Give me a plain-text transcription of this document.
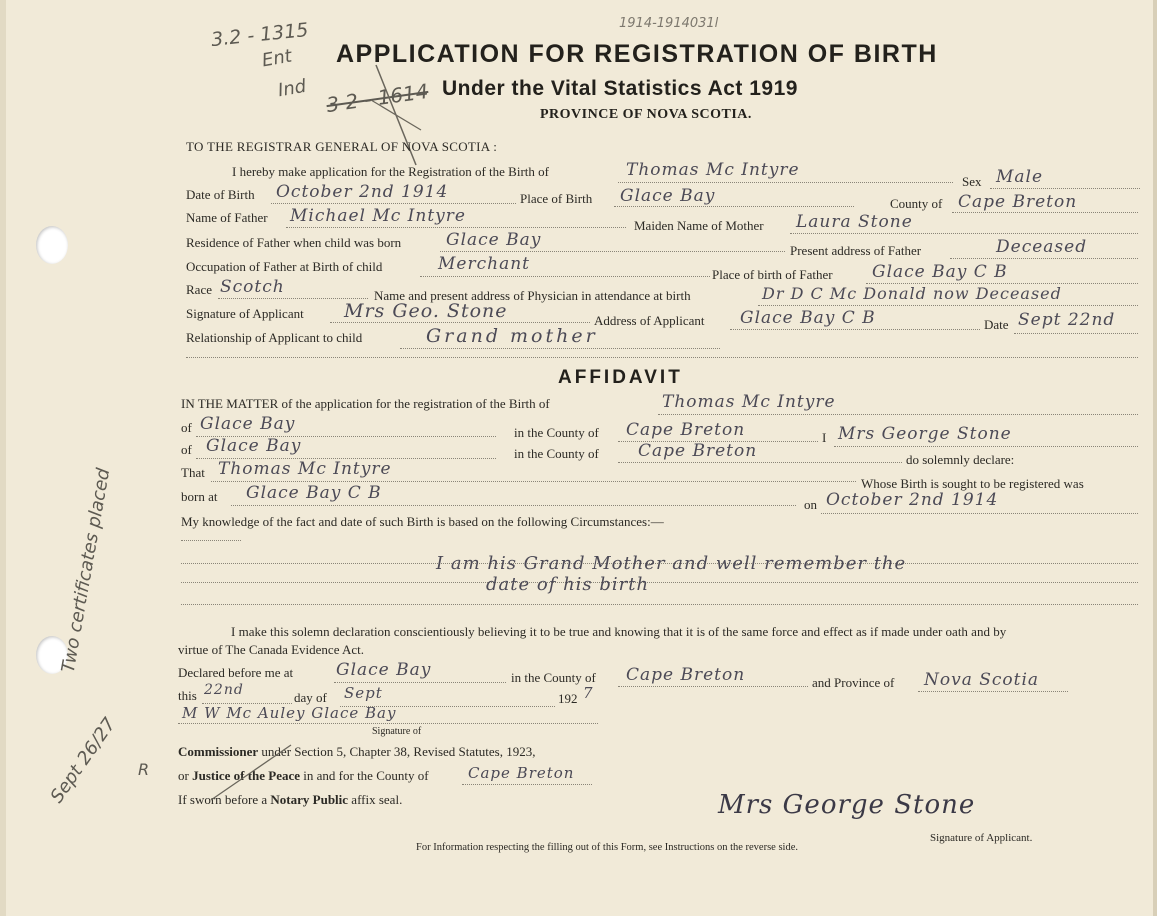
3.2 - 1315
Ent
Ind 3 2 - 1614
1914-1914031l
Two certificates placed
Sept 26/27 R
APPLICATION FOR REGISTRATION OF BIRTH
Under the Vital Statistics Act 1919
PROVINCE OF NOVA SCOTIA.
TO THE REGISTRAR GENERAL OF NOVA SCOTIA :
I hereby make application for the Registration of the Birth of	Thomas Mc Intyre
Sex Male
Date of Birth October 2nd 1914	Place of Birth Glace Bay	County of Cape Breton
Name of Father Michael Mc Intyre	Maiden Name of Mother Laura Stone
Residence of Father when child was born	Glace Bay
Present address of Father	Deceased
Occupation of Father at Birth of child	Merchant
Place of birth of Father Glace Bay C B
Race Scotch	Name and present address of Physician in attendance at birth	Dr D C Mc Donald now Deceased
Signature of Applicant Mrs Geo. Stone	Address of Applicant Glace Bay C B	Date Sept 22nd
Relationship of Applicant to child	Grand mother
AFFIDAVIT
IN THE MATTER of the application for the registration of the Birth of	Thomas Mc Intyre
of Glace Bay	in the County of Cape Breton	I Mrs George Stone
of Glace Bay	in the County of Cape Breton	do solemnly declare:
That Thomas Mc Intyre
Whose Birth is sought to be registered was
born at Glace Bay C B
on October 2nd 1914
My knowledge of the fact and date of such Birth is based on the following Circumstances:—
I am his Grand Mother and well remember the
date of his birth
I make this solemn declaration conscientiously believing it to be true and knowing that it is of the same force and effect as if made under oath and by
virtue of The Canada Evidence Act.
Declared before me at	Glace Bay	in the County of Cape Breton	and Province of Nova Scotia
this 22nd	day of Sept	192 7
M W Mc Auley Glace Bay
Signature of
Commissioner under Section 5, Chapter 38, Revised Statutes, 1923,
or Justice of the Peace in and for the County of	Cape Breton
If sworn before a Notary Public affix seal.	Mrs George Stone
Signature of Applicant.
For Information respecting the filling out of this Form, see Instructions on the reverse side.
